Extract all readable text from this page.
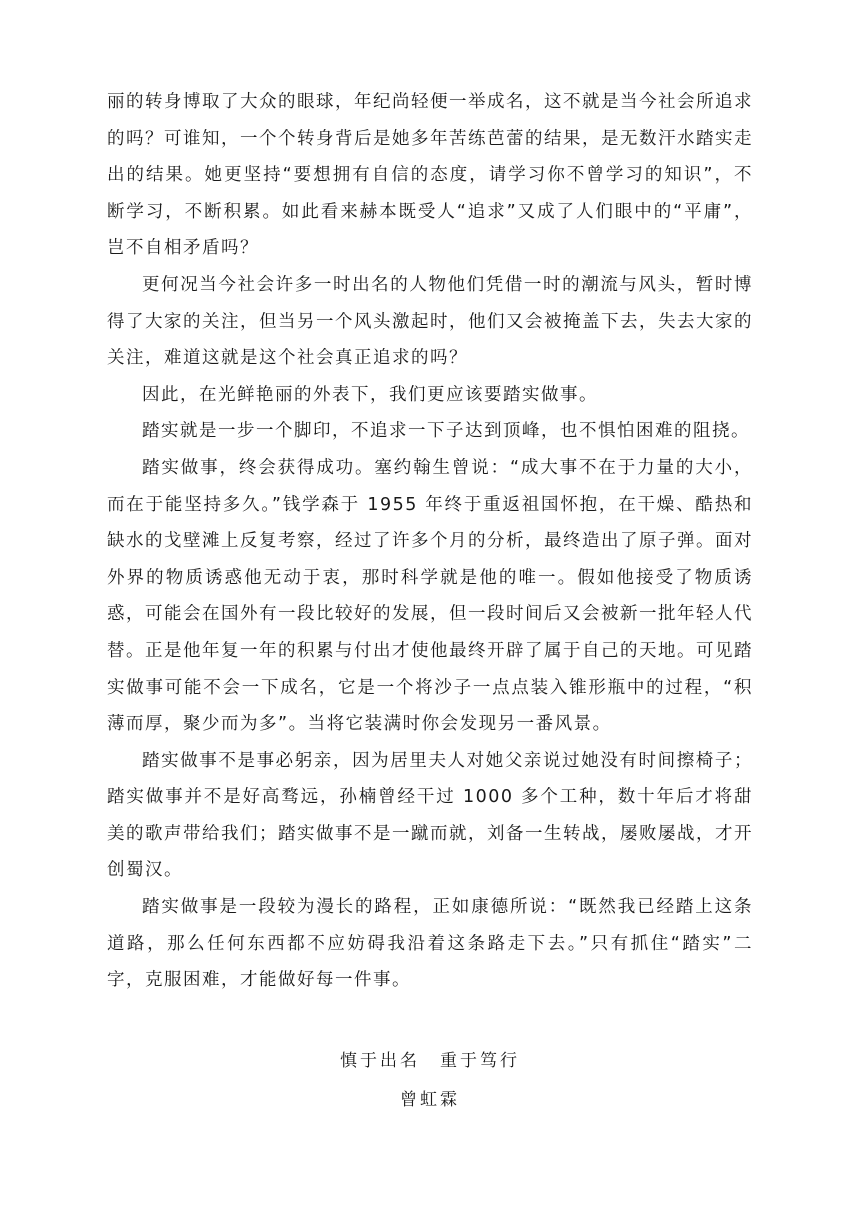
丽的转身博取了大众的眼球，年纪尚轻便一举成名，这不就是当今社会所追求的吗？可谁知，一个个转身背后是她多年苦练芭蕾的结果，是无数汗水踏实走出的结果。她更坚持“要想拥有自信的态度，请学习你不曾学习的知识”，不断学习，不断积累。如此看来赫本既受人“追求”又成了人们眼中的“平庸”，岂不自相矛盾吗？

更何况当今社会许多一时出名的人物他们凭借一时的潮流与风头，暂时博得了大家的关注，但当另一个风头激起时，他们又会被掩盖下去，失去大家的关注，难道这就是这个社会真正追求的吗？

因此，在光鲜艳丽的外表下，我们更应该要踏实做事。

踏实就是一步一个脚印，不追求一下子达到顶峰，也不惧怕困难的阻挠。

踏实做事，终会获得成功。塞约翰生曾说：“成大事不在于力量的大小，而在于能坚持多久。”钱学森于 1955 年终于重返祖国怀抱，在干燥、酷热和缺水的戈壁滩上反复考察，经过了许多个月的分析，最终造出了原子弹。面对外界的物质诱惑他无动于衷，那时科学就是他的唯一。假如他接受了物质诱惑，可能会在国外有一段比较好的发展，但一段时间后又会被新一批年轻人代替。正是他年复一年的积累与付出才使他最终开辟了属于自己的天地。可见踏实做事可能不会一下成名，它是一个将沙子一点点装入锥形瓶中的过程，“积薄而厚，聚少而为多”。当将它装满时你会发现另一番风景。

踏实做事不是事必躬亲，因为居里夫人对她父亲说过她没有时间擦椅子；踏实做事并不是好高骛远，孙楠曾经干过 1000 多个工种，数十年后才将甜美的歌声带给我们；踏实做事不是一蹴而就，刘备一生转战，屡败屡战，才开创蜀汉。

踏实做事是一段较为漫长的路程，正如康德所说：“既然我已经踏上这条道路，那么任何东西都不应妨碍我沿着这条路走下去。”只有抓住“踏实”二字，克服困难，才能做好每一件事。

慎于出名　重于笃行
曾虹霖
